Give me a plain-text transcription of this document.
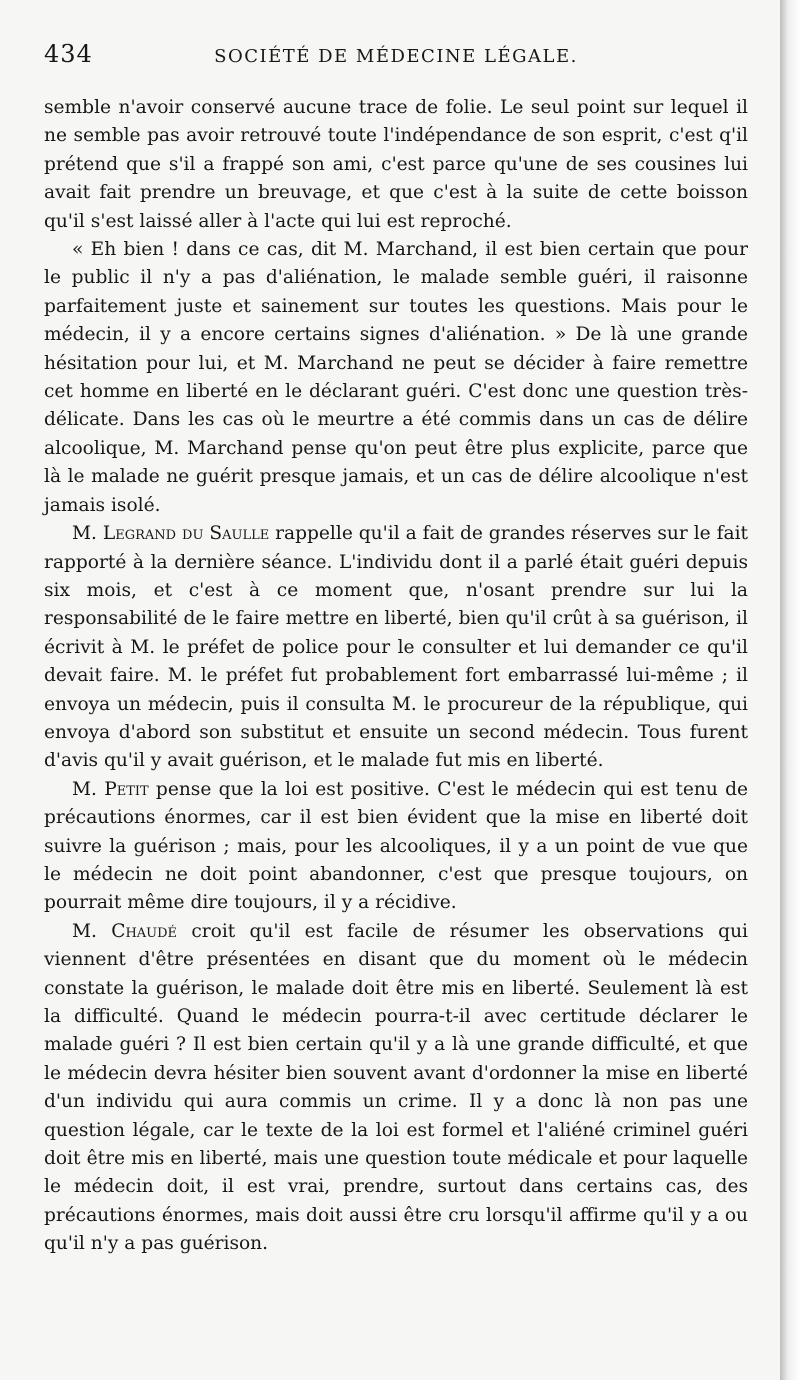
434	SOCIÉTÉ DE MÉDECINE LÉGALE.

semble n'avoir conservé aucune trace de folie. Le seul point sur lequel il ne semble pas avoir retrouvé toute l'indépendance de son esprit, c'est q'il prétend que s'il a frappé son ami, c'est parce qu'une de ses cousines lui avait fait prendre un breuvage, et que c'est à la suite de cette boisson qu'il s'est laissé aller à l'acte qui lui est reproché.

« Eh bien ! dans ce cas, dit M. Marchand, il est bien certain que pour le public il n'y a pas d'aliénation, le malade semble guéri, il raisonne parfaitement juste et sainement sur toutes les questions. Mais pour le médecin, il y a encore certains signes d'aliénation. » De là une grande hésitation pour lui, et M. Marchand ne peut se décider à faire remettre cet homme en liberté en le déclarant guéri. C'est donc une question très-délicate. Dans les cas où le meurtre a été commis dans un cas de délire alcoolique, M. Marchand pense qu'on peut être plus explicite, parce que là le malade ne guérit presque jamais, et un cas de délire alcoolique n'est jamais isolé.

M. Legrand du Saulle rappelle qu'il a fait de grandes réserves sur le fait rapporté à la dernière séance. L'individu dont il a parlé était guéri depuis six mois, et c'est à ce moment que, n'osant prendre sur lui la responsabilité de le faire mettre en liberté, bien qu'il crût à sa guérison, il écrivit à M. le préfet de police pour le consulter et lui demander ce qu'il devait faire. M. le préfet fut probablement fort embarrassé lui-même ; il envoya un médecin, puis il consulta M. le procureur de la république, qui envoya d'abord son substitut et ensuite un second médecin. Tous furent d'avis qu'il y avait guérison, et le malade fut mis en liberté.

M. Petit pense que la loi est positive. C'est le médecin qui est tenu de précautions énormes, car il est bien évident que la mise en liberté doit suivre la guérison ; mais, pour les alcooliques, il y a un point de vue que le médecin ne doit point abandonner, c'est que presque toujours, on pourrait même dire toujours, il y a récidive.

M. Chaudé croit qu'il est facile de résumer les observations qui viennent d'être présentées en disant que du moment où le médecin constate la guérison, le malade doit être mis en liberté. Seulement là est la difficulté. Quand le médecin pourra-t-il avec certitude déclarer le malade guéri ? Il est bien certain qu'il y a là une grande difficulté, et que le médecin devra hésiter bien souvent avant d'ordonner la mise en liberté d'un individu qui aura commis un crime. Il y a donc là non pas une question légale, car le texte de la loi est formel et l'aliéné criminel guéri doit être mis en liberté, mais une question toute médicale et pour laquelle le médecin doit, il est vrai, prendre, surtout dans certains cas, des précautions énormes, mais doit aussi être cru lorsqu'il affirme qu'il y a ou qu'il n'y a pas guérison.
